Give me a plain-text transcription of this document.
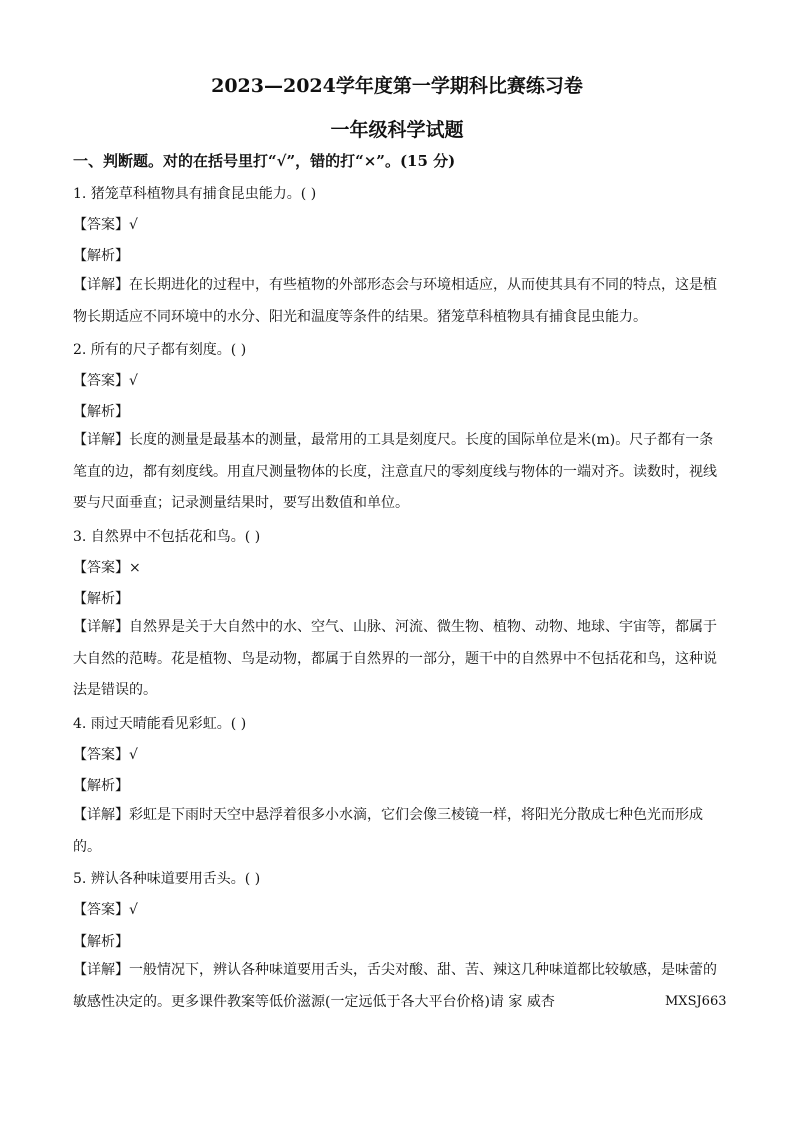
2023—2024学年度第一学期科比赛练习卷
一年级科学试题
一、判断题。对的在括号里打“√”，错的打“×”。(15 分)
1. 猪笼草科植物具有捕食昆虫能力。( )
【答案】√
【解析】
【详解】在长期进化的过程中，有些植物的外部形态会与环境相适应，从而使其具有不同的特点，这是植物长期适应不同环境中的水分、阳光和温度等条件的结果。猪笼草科植物具有捕食昆虫能力。
2. 所有的尺子都有刻度。( )
【答案】√
【解析】
【详解】长度的测量是最基本的测量，最常用的工具是刻度尺。长度的国际单位是米(m)。尺子都有一条笔直的边，都有刻度线。用直尺测量物体的长度，注意直尺的零刻度线与物体的一端对齐。读数时，视线要与尺面垂直；记录测量结果时，要写出数值和单位。
3. 自然界中不包括花和鸟。( )
【答案】×
【解析】
【详解】自然界是关于大自然中的水、空气、山脉、河流、微生物、植物、动物、地球、宇宙等，都属于大自然的范畴。花是植物、鸟是动物，都属于自然界的一部分，题干中的自然界中不包括花和鸟，这种说法是错误的。
4. 雨过天晴能看见彩虹。( )
【答案】√
【解析】
【详解】彩虹是下雨时天空中悬浮着很多小水滴，它们会像三棱镜一样，将阳光分散成七种色光而形成的。
5. 辨认各种味道要用舌头。( )
【答案】√
【解析】
【详解】一般情况下，辨认各种味道要用舌头，舌尖对酸、甜、苦、辣这几种味道都比较敏感，是味蕾的敏感性决定的。更多课件教案等低价滋源(一定远低于各大平台价格)请 家 威杏	MXSJ663
